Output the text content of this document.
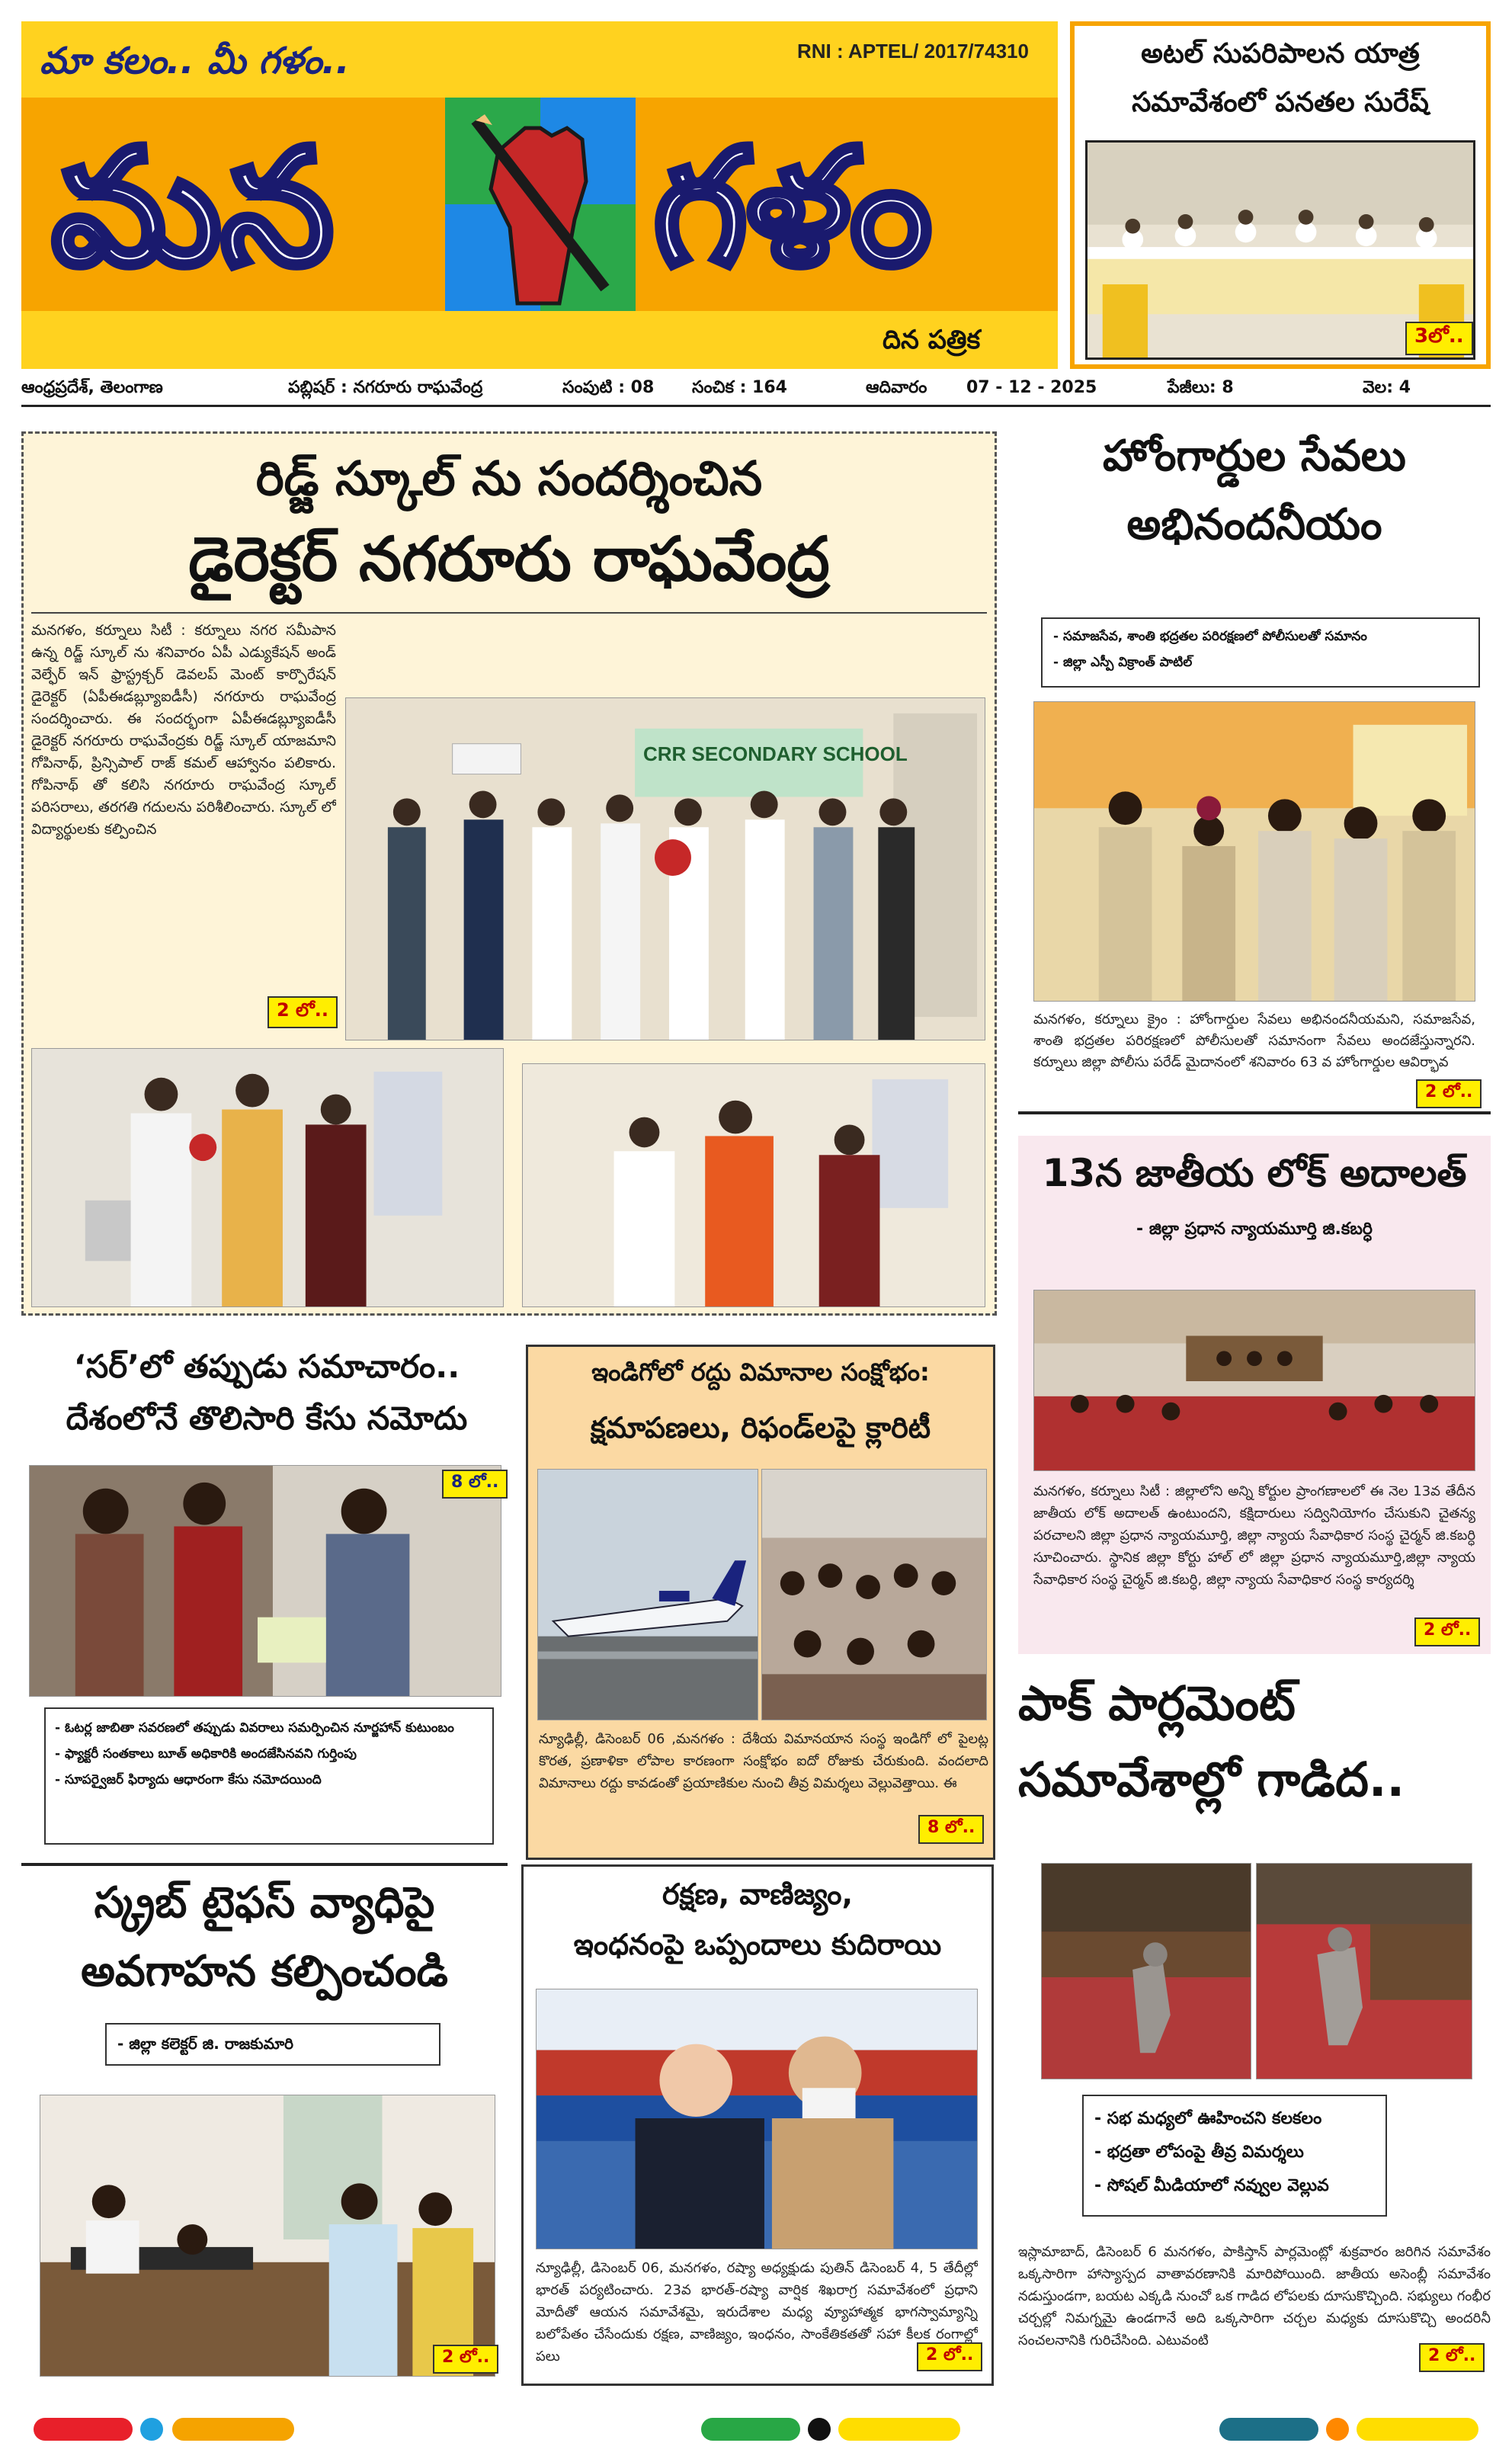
మా కలం.. మీ గళం..	RNI : APTEL/ 2017/74310
మన గళం
దిన పత్రిక
అటల్ సుపరిపాలన యాత్ర
సమావేశంలో పనతల సురేష్
3లో..
ఆంధ్రప్రదేశ్, తెలంగాణ	పబ్లిషర్ : నగరూరు రాఘవేంద్ర	సంపుటి : 08 సంచిక : 164	ఆదివారం 07 - 12 - 2025	పేజీలు: 8	వెల: 4
రిడ్జ్ స్కూల్ ను సందర్శించిన
డైరెక్టర్ నగరూరు రాఘవేంద్ర
మనగళం, కర్నూలు సిటీ : కర్నూలు నగర సమీపాన ఉన్న రిడ్జ్ స్కూల్ ను శనివారం ఏపీ ఎడ్యుకేషన్ అండ్ వెల్ఫేర్ ఇన్ ఫ్రాస్ట్రక్చర్ డెవలప్ మెంట్ కార్పొరేషన్ డైరెక్టర్ (ఏపీఈడబ్ల్యూఐడీసీ) నగరూరు రాఘవేంద్ర సందర్శించారు. ఈ సందర్భంగా ఏపీఈడబ్ల్యూఐడీసీ డైరెక్టర్ నగరూరు రాఘవేంద్రకు రిడ్జ్ స్కూల్ యాజమాని గోపినాథ్, ప్రిన్సిపాల్ రాజ్ కమల్ ఆహ్వానం పలికారు. గోపినాథ్ తో కలిసి నగరూరు రాఘవేంద్ర స్కూల్ పరిసరాలు, తరగతి గదులను పరిశీలించారు. స్కూల్ లో విద్యార్థులకు కల్పించిన
2 లో..
CRR SECONDARY SCHOOL
హోంగార్డుల సేవలు
అభినందనీయం
- సమాజసేవ, శాంతి భద్రతల పరిరక్షణలో పోలీసులతో సమానం
- జిల్లా ఎస్పీ విక్రాంత్ పాటిల్
మనగళం, కర్నూలు క్రైం : హోంగార్డుల సేవలు అభినందనీయమని, సమాజసేవ, శాంతి భద్రతల పరిరక్షణలో పోలీసులతో సమానంగా సేవలు అందజేస్తున్నారని. కర్నూలు జిల్లా పోలీసు పరేడ్ మైదానంలో శనివారం 63 వ హోంగార్డుల ఆవిర్భావ
2 లో..
13న జాతీయ లోక్ అదాలత్
- జిల్లా ప్రధాన న్యాయమూర్తి జి.కబర్ధి
మనగళం, కర్నూలు సిటీ : జిల్లాలోని అన్ని కోర్టుల ప్రాంగణాలలో ఈ నెల 13వ తేదీన జాతీయ లోక్ అదాలత్ ఉంటుందని, కక్షిదారులు సద్వినియోగం చేసుకుని చైతన్య పరచాలని జిల్లా ప్రధాన న్యాయమూర్తి, జిల్లా న్యాయ సేవాధికార సంస్థ చైర్మన్ జి.కబర్ధి సూచించారు. స్థానిక జిల్లా కోర్టు హాల్ లో జిల్లా ప్రధాన న్యాయమూర్తి,జిల్లా న్యాయ సేవాధికార సంస్థ చైర్మన్ జి.కబర్ధి, జిల్లా న్యాయ సేవాధికార సంస్థ కార్యదర్శి
2 లో..
‘సర్’లో తప్పుడు సమాచారం..
దేశంలోనే తొలిసారి కేసు నమోదు
8 లో..
- ఓటర్ల జాబితా సవరణలో తప్పుడు వివరాలు సమర్పించిన నూర్జహాన్ కుటుంబం
- ఫ్యాక్టరీ సంతకాలు బూత్ అధికారికి అందజేసినవని గుర్తింపు
- సూపర్వైజర్ ఫిర్యాదు ఆధారంగా కేసు నమోదయింది
ఇండిగోలో రద్దు విమానాల సంక్షోభం:
క్షమాపణలు, రిఫండ్‌లపై క్లారిటీ
న్యూఢిల్లీ, డిసెంబర్ 06 ,మనగళం : దేశీయ విమానయాన సంస్థ ఇండిగో లో పైలట్ల కొరత, ప్రణాళికా లోపాల కారణంగా సంక్షోభం ఐదో రోజుకు చేరుకుంది. వందలాది విమానాలు రద్దు కావడంతో ప్రయాణికుల నుంచి తీవ్ర విమర్శలు వెల్లువెత్తాయి. ఈ
8 లో..
పాక్ పార్లమెంట్
సమావేశాల్లో గాడిద..
- సభ మధ్యలో ఊహించని కలకలం
- భద్రతా లోపంపై తీవ్ర విమర్శలు
- సోషల్ మీడియాలో నవ్వుల వెల్లువ
ఇస్లామాబాద్, డిసెంబర్ 6 మనగళం, పాకిస్తాన్ పార్లమెంట్లో శుక్రవారం జరిగిన సమావేశం ఒక్కసారిగా హాస్యాస్పద వాతావరణానికి మారిపోయింది. జాతీయ అసెంబ్లీ సమావేశం నడుస్తుండగా, బయట ఎక్కడి నుంచో ఒక గాడిద లోపలకు దూసుకొచ్చింది. సభ్యులు గంభీర చర్చల్లో నిమగ్నమై ఉండగానే అది ఒక్కసారిగా చర్చల మధ్యకు దూసుకొచ్చి అందరినీ సంచలనానికి గురిచేసింది. ఎటువంటి
2 లో..
స్క్రబ్ టైఫస్ వ్యాధిపై
అవగాహన కల్పించండి
- జిల్లా కలెక్టర్ జి. రాజకుమారి
2 లో..
రక్షణ, వాణిజ్యం,
ఇంధనంపై ఒప్పందాలు కుదిరాయి
న్యూఢిల్లీ, డిసెంబర్ 06, మనగళం, రష్యా అధ్యక్షుడు పుతిన్ డిసెంబర్ 4, 5 తేదీల్లో భారత్ పర్యటించారు. 23వ భారత్-రష్యా వార్షిక శిఖరాగ్ర సమావేశంలో ప్రధాని మోదీతో ఆయన సమావేశమై, ఇరుదేశాల మధ్య వ్యూహాత్మక భాగస్వామ్యాన్ని బలోపేతం చేసేందుకు రక్షణ, వాణిజ్యం, ఇంధనం, సాంకేతికతతో సహా కీలక రంగాల్లో పలు	2 లో..
